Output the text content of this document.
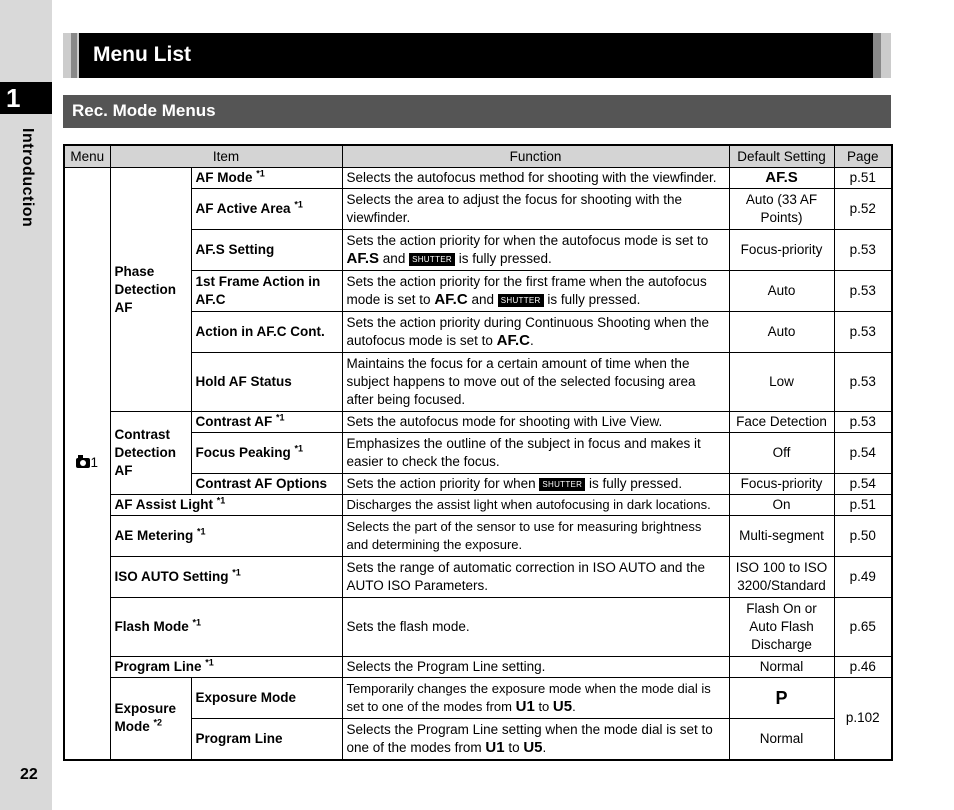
1
Introduction
22
Menu List
Rec. Mode Menus
Menu	Item		Function	Default Setting	Page
1	Phase Detection AF	AF Mode $^{*1}$	Selects the autofocus method for shooting with the viewfinder.	AF.S	p.51
		AF Active Area $^{*1}$	Selects the area to adjust the focus for shooting with the viewfinder.	Auto (33 AF Points)	p.52
		AF.S Setting	Sets the action priority for when the autofocus mode is set to AF.S and SHUTTER is fully pressed.	Focus-priority	p.53
		1st Frame Action in AF.C	Sets the action priority for the first frame when the autofocus mode is set to AF.C and SHUTTER is fully pressed.	Auto	p.53
		Action in AF.C Cont.	Sets the action priority during Continuous Shooting when the autofocus mode is set to AF.C.	Auto	p.53
		Hold AF Status	Maintains the focus for a certain amount of time when the subject happens to move out of the selected focusing area after being focused.	Low	p.53
	Contrast Detection AF	Contrast AF $^{*1}$	Sets the autofocus mode for shooting with Live View.	Face Detection	p.53
		Focus Peaking $^{*1}$	Emphasizes the outline of the subject in focus and makes it easier to check the focus.	Off	p.54
		Contrast AF Options	Sets the action priority for when SHUTTER is fully pressed.	Focus-priority	p.54
	AF Assist Light $^{*1}$		Discharges the assist light when autofocusing in dark locations.	On	p.51
	AE Metering $^{*1}$		Selects the part of the sensor to use for measuring brightness and determining the exposure.	Multi-segment	p.50
	ISO AUTO Setting $^{*1}$		Sets the range of automatic correction in ISO AUTO and the AUTO ISO Parameters.	ISO 100 to ISO 3200/Standard	p.49
	Flash Mode $^{*1}$		Sets the flash mode.	Flash On or Auto Flash Discharge	p.65
	Program Line $^{*1}$		Selects the Program Line setting.	Normal	p.46
	Exposure Mode $^{*2}$	Exposure Mode	Temporarily changes the exposure mode when the mode dial is set to one of the modes from U1 to U5.	P	p.102
		Program Line	Selects the Program Line setting when the mode dial is set to one of the modes from U1 to U5.	Normal	
